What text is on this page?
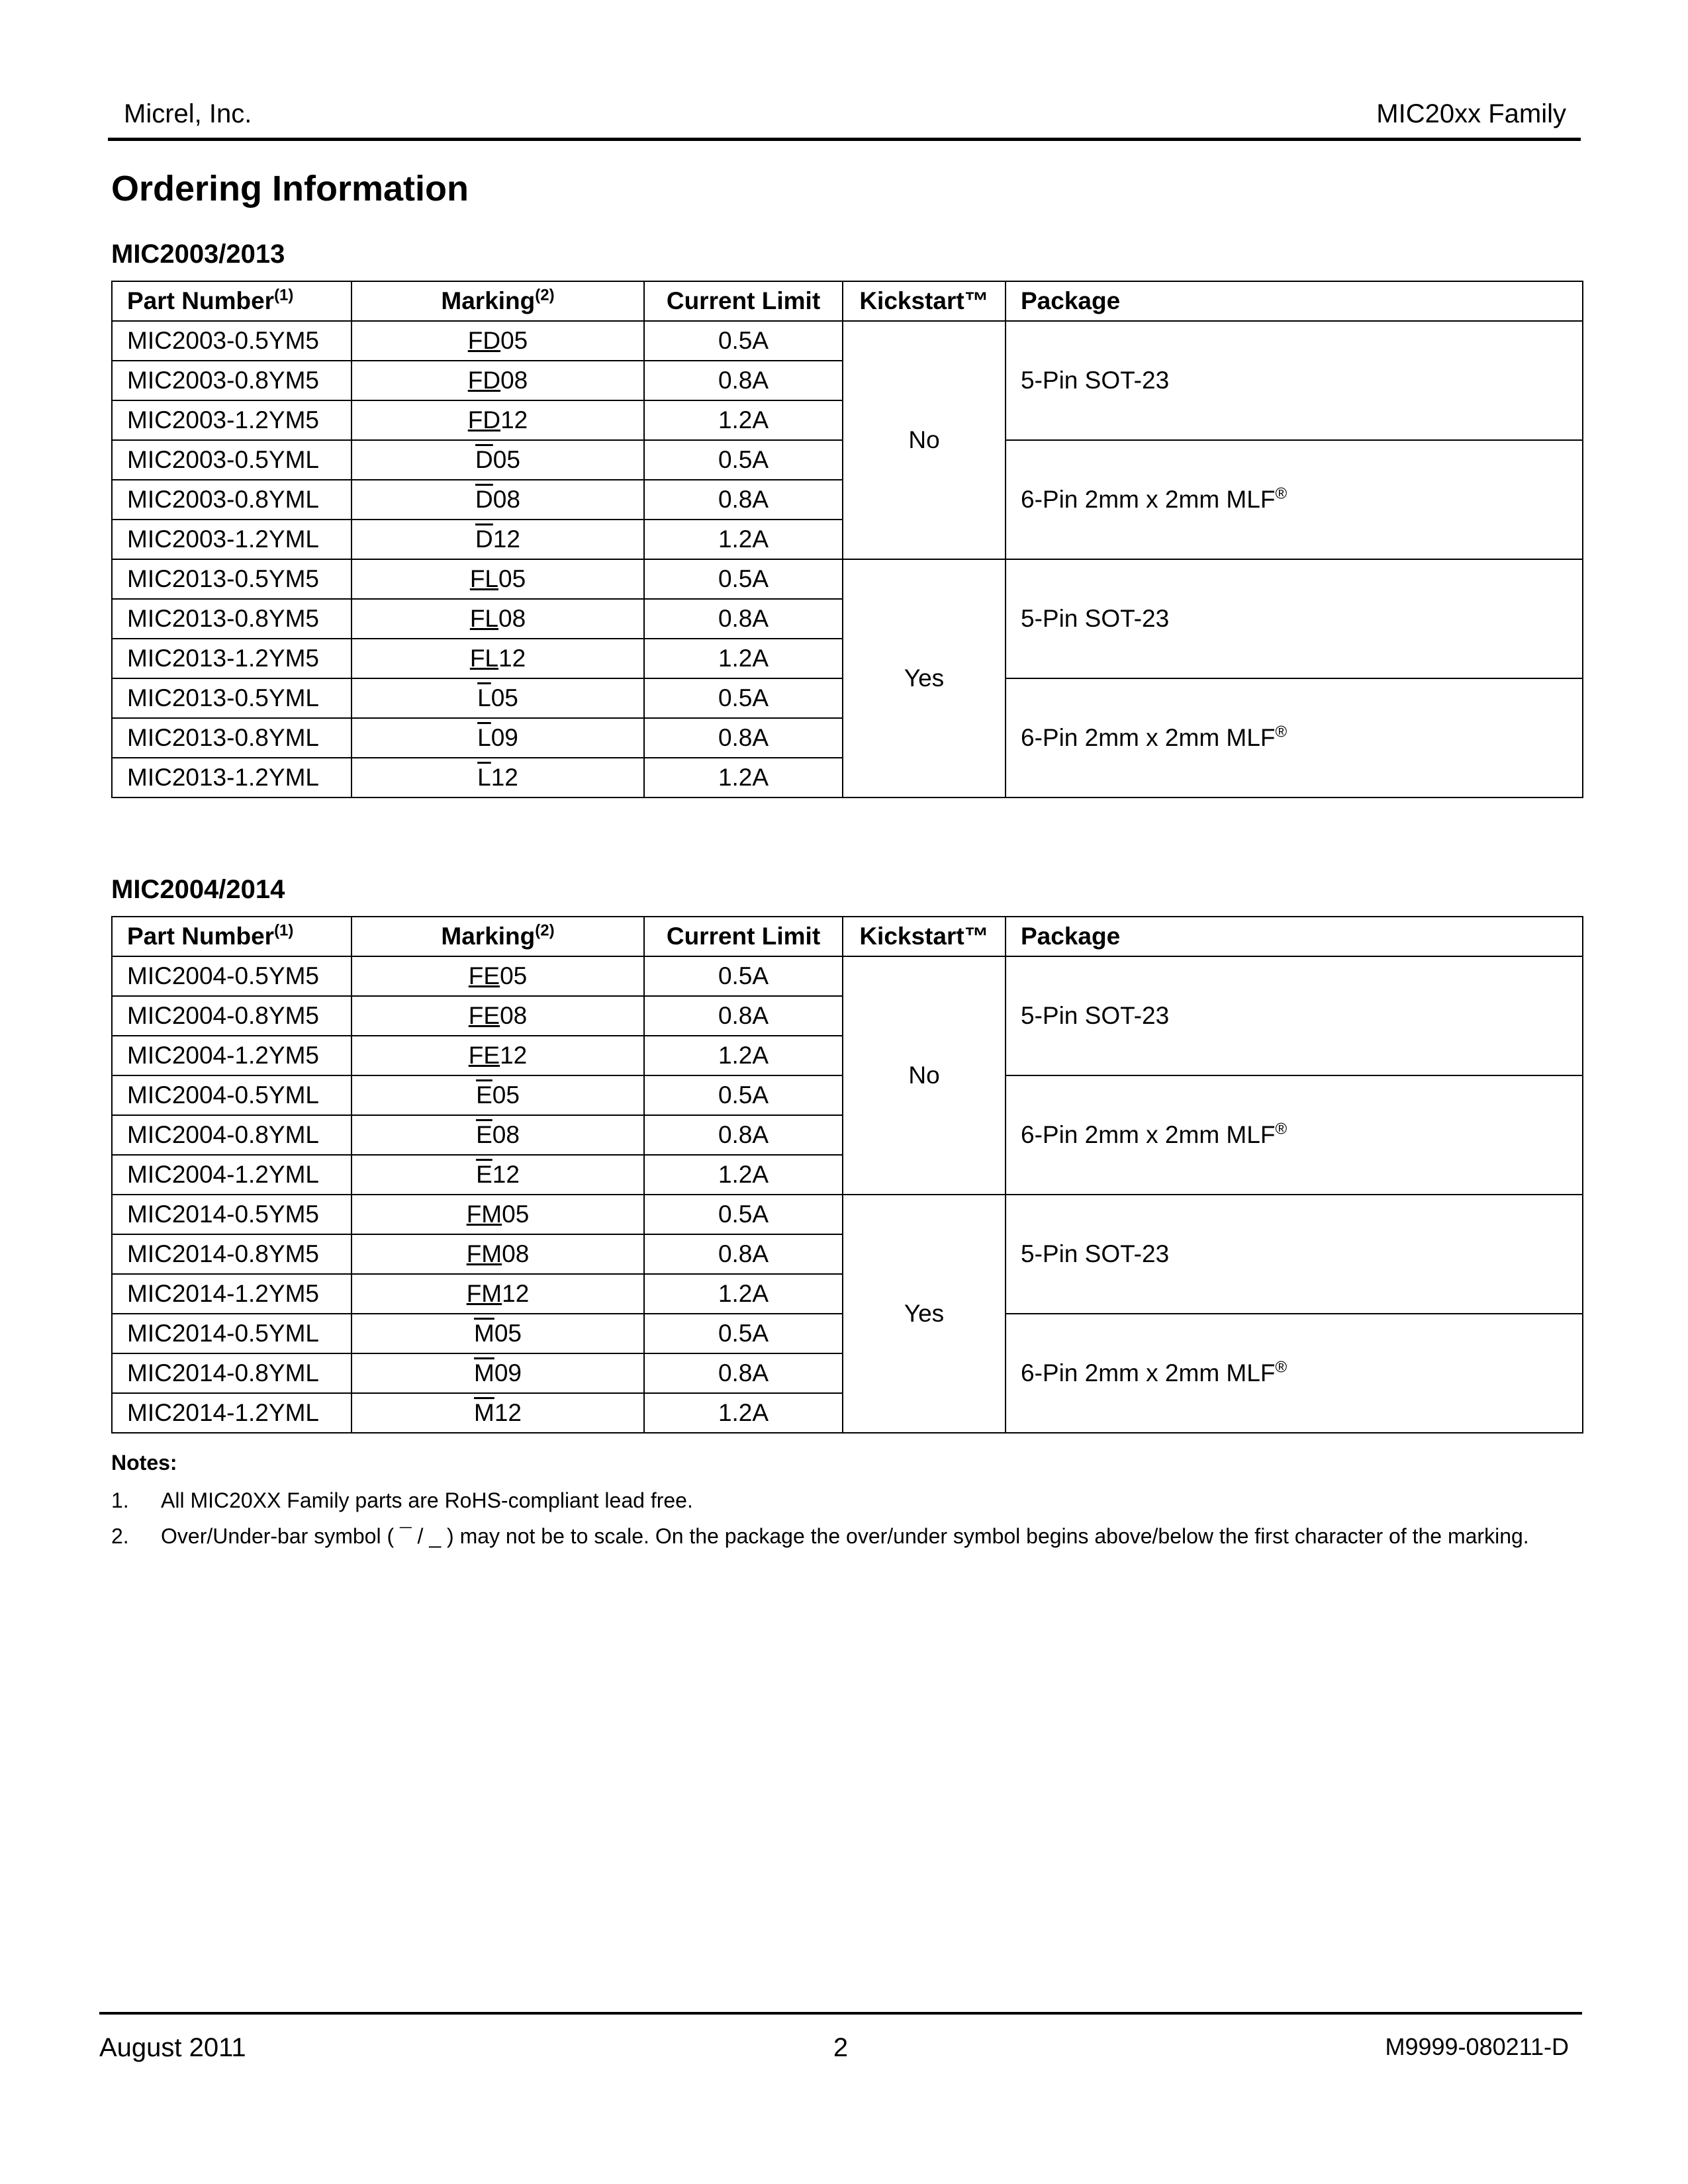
Micrel, Inc.	MIC20xx Family
Ordering Information
MIC2003/2013
Part Number$^{(1)}$	Marking$^{(2)}$	Current Limit	Kickstart™	Package
MIC2003-0.5YM5	FD05	0.5A	No	5-Pin SOT-23
MIC2003-0.8YM5	FD08	0.8A		
MIC2003-1.2YM5	FD12	1.2A		
MIC2003-0.5YML	$\overline{D}05$	0.5A		6-Pin 2mm x 2mm MLF®
MIC2003-0.8YML	$\overline{D}08$	0.8A		
MIC2003-1.2YML	$\overline{D}12$	1.2A		
MIC2013-0.5YM5	FL05	0.5A	Yes	5-Pin SOT-23
MIC2013-0.8YM5	FL08	0.8A		
MIC2013-1.2YM5	FL12	1.2A		
MIC2013-0.5YML	$\overline{L}05$	0.5A		6-Pin 2mm x 2mm MLF®
MIC2013-0.8YML	$\overline{L}09$	0.8A		
MIC2013-1.2YML	$\overline{L}12$	1.2A		
MIC2004/2014
Part Number$^{(1)}$	Marking$^{(2)}$	Current Limit	Kickstart™	Package
MIC2004-0.5YM5	FE05	0.5A	No	5-Pin SOT-23
MIC2004-0.8YM5	FE08	0.8A		
MIC2004-1.2YM5	FE12	1.2A		
MIC2004-0.5YML	$\overline{E}05$	0.5A		6-Pin 2mm x 2mm MLF®
MIC2004-0.8YML	$\overline{E}08$	0.8A		
MIC2004-1.2YML	$\overline{E}12$	1.2A		
MIC2014-0.5YM5	FM05	0.5A	Yes	5-Pin SOT-23
MIC2014-0.8YM5	FM08	0.8A		
MIC2014-1.2YM5	FM12	1.2A		
MIC2014-0.5YML	$\overline{M}05$	0.5A		6-Pin 2mm x 2mm MLF®
MIC2014-0.8YML	$\overline{M}09$	0.8A		
MIC2014-1.2YML	$\overline{M}12$	1.2A		
Notes:
1. All MIC20XX Family parts are RoHS-compliant lead free.
2. Over/Under-bar symbol ( ¯ / _ ) may not be to scale. On the package the over/under symbol begins above/below the first character of the marking.
August 2011	2	M9999-080211-D
